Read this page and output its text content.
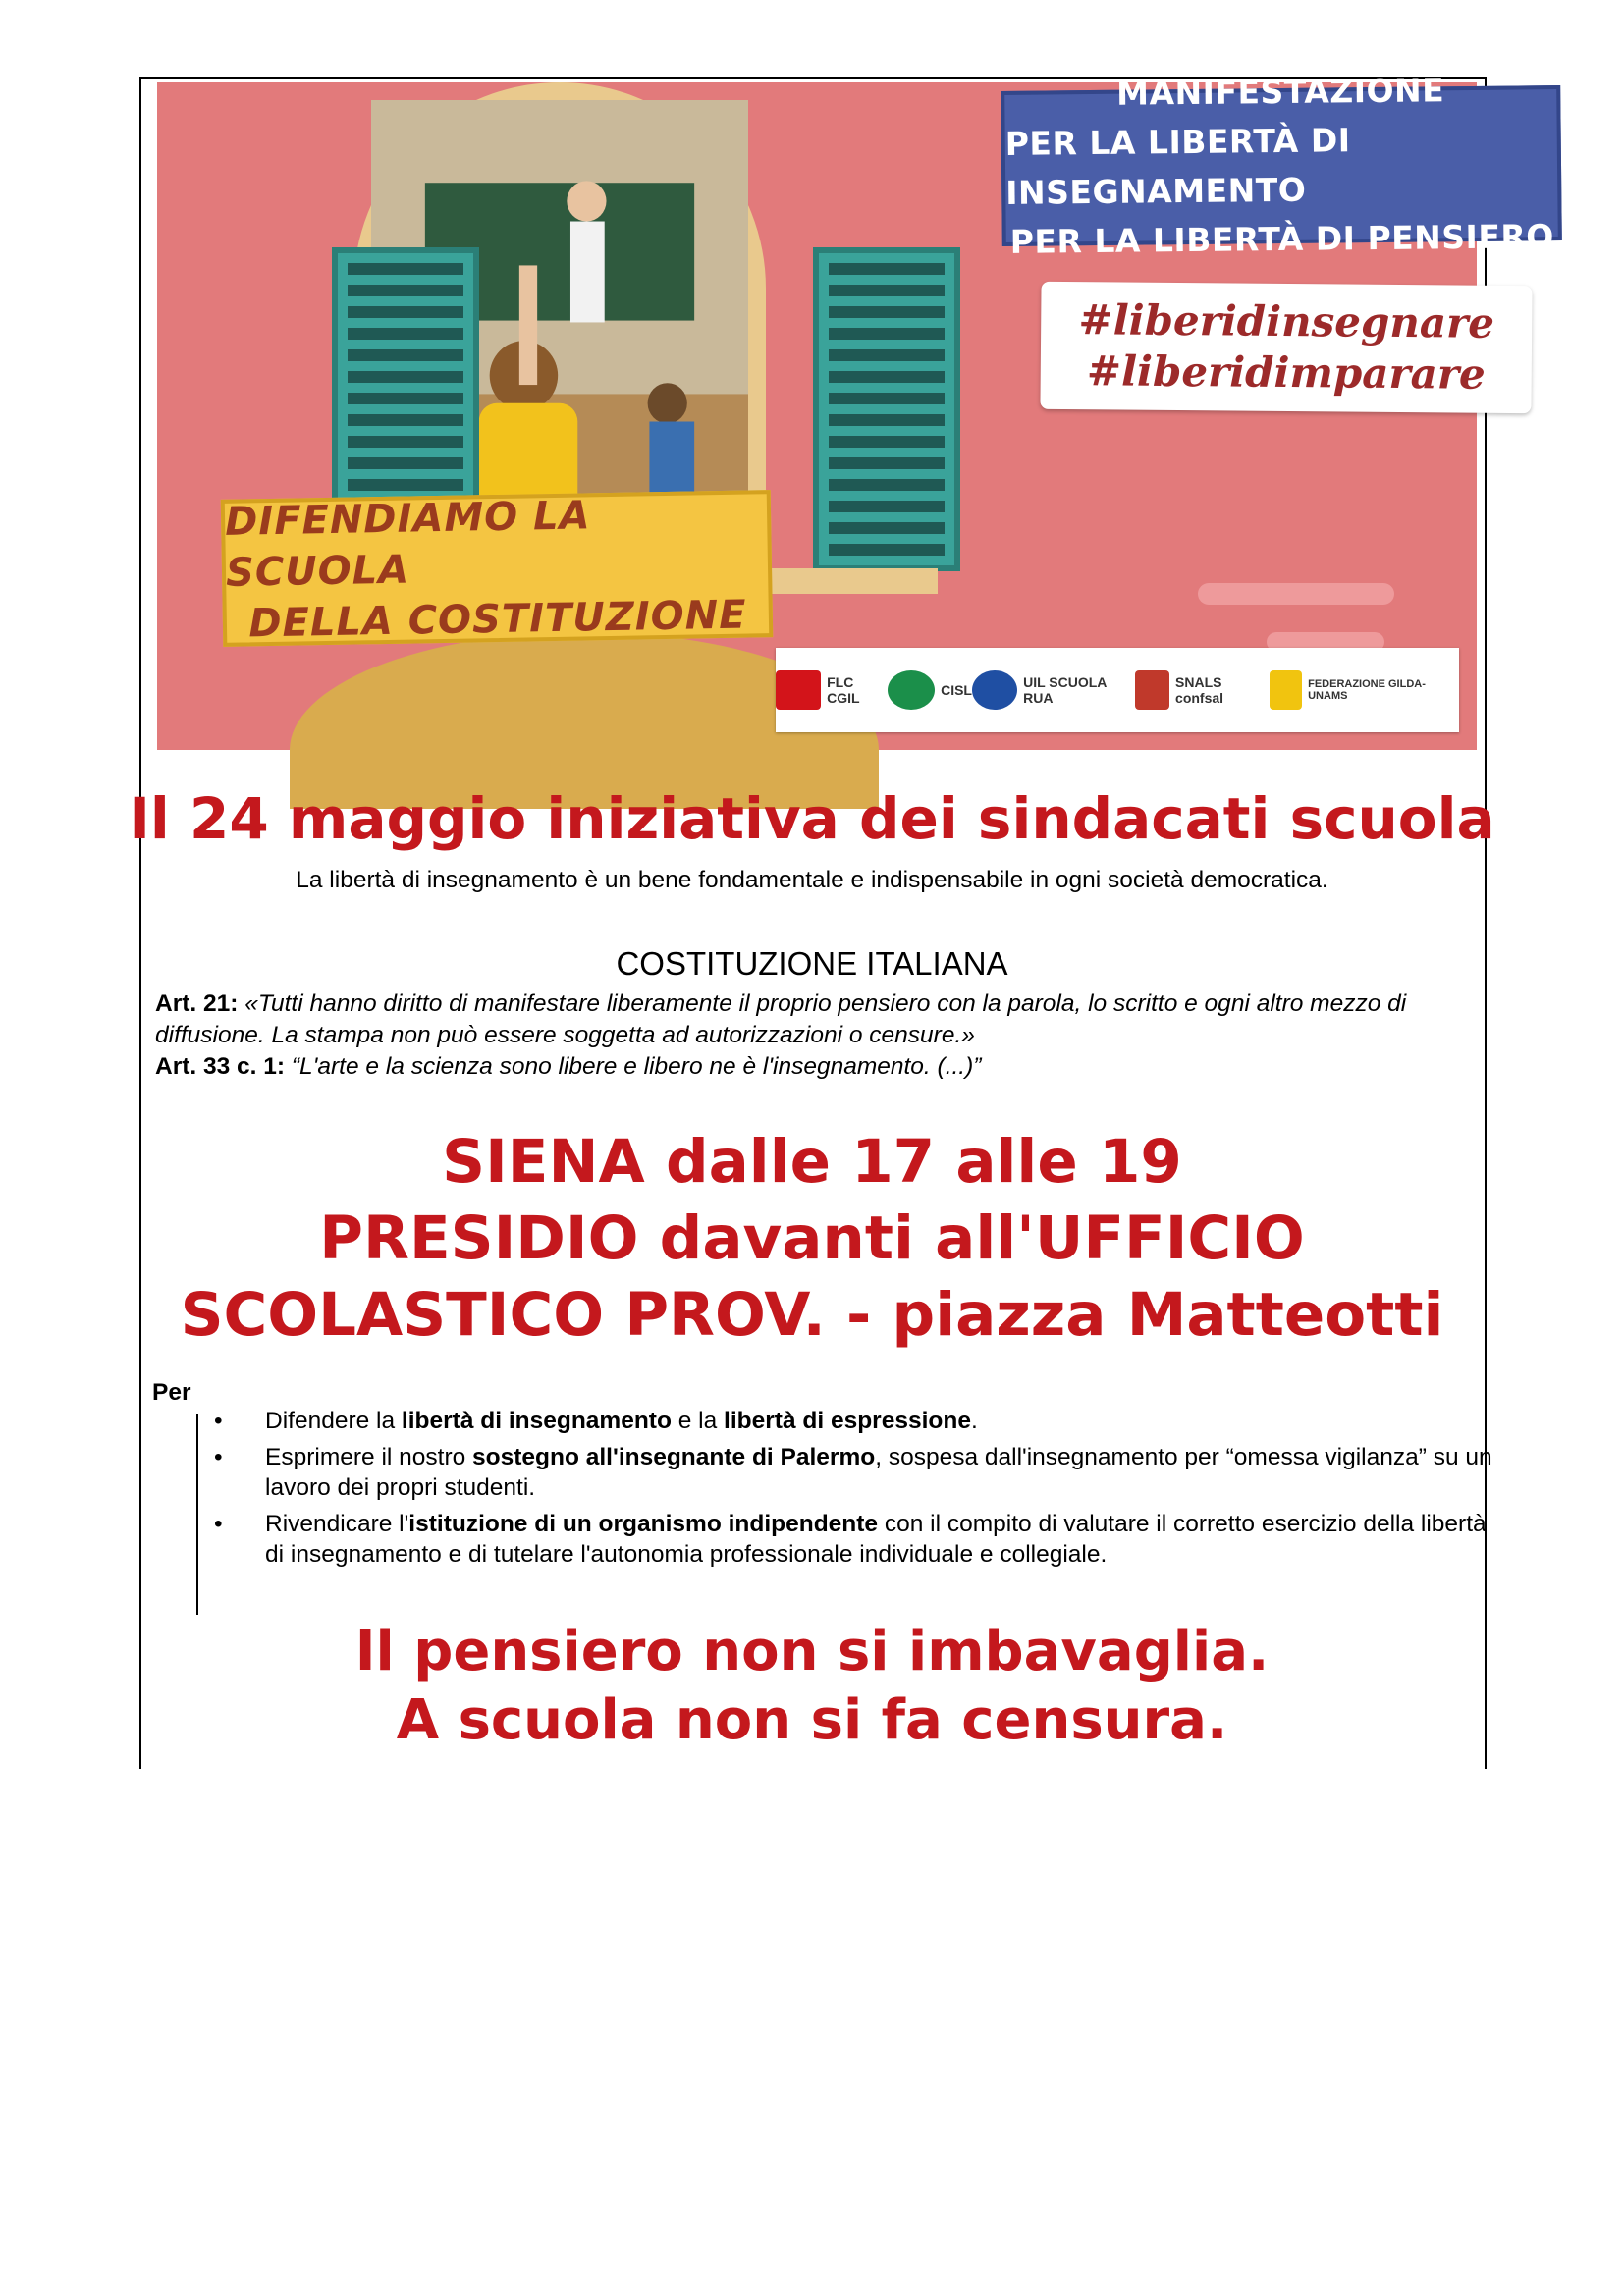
DIFENDIAMO LA SCUOLA
DELLA COSTITUZIONE
MANIFESTAZIONE
PER LA LIBERTÀ DI INSEGNAMENTO
PER LA LIBERTÀ DI PENSIERO
#liberidinsegnare
#liberidimparare
FLC CGIL	CISL	UIL SCUOLA RUA
SNALS confsal
FEDERAZIONE GILDA-UNAMS
Il 24 maggio iniziativa dei sindacati scuola
La libertà di insegnamento è un bene fondamentale e indispensabile in ogni società democratica.
COSTITUZIONE ITALIANA
Art. 21: «Tutti hanno diritto di manifestare liberamente il proprio pensiero con la parola, lo scritto e ogni altro mezzo di diffusione. La stampa non può essere soggetta ad autorizzazioni o censure.»
Art. 33 c. 1: “L'arte e la scienza sono libere e libero ne è l'insegnamento. (...)”
SIENA dalle 17 alle 19
PRESIDIO davanti all'UFFICIO
SCOLASTICO PROV. - piazza Matteotti
Per
• Difendere la libertà di insegnamento e la libertà di espressione.
• Esprimere il nostro sostegno all'insegnante di Palermo, sospesa dall'insegnamento per “omessa vigilanza” su un lavoro dei propri studenti.
• Rivendicare l'istituzione di un organismo indipendente con il compito di valutare il corretto esercizio della libertà di insegnamento e di tutelare l'autonomia professionale individuale e collegiale.
Il pensiero non si imbavaglia.
A scuola non si fa censura.
